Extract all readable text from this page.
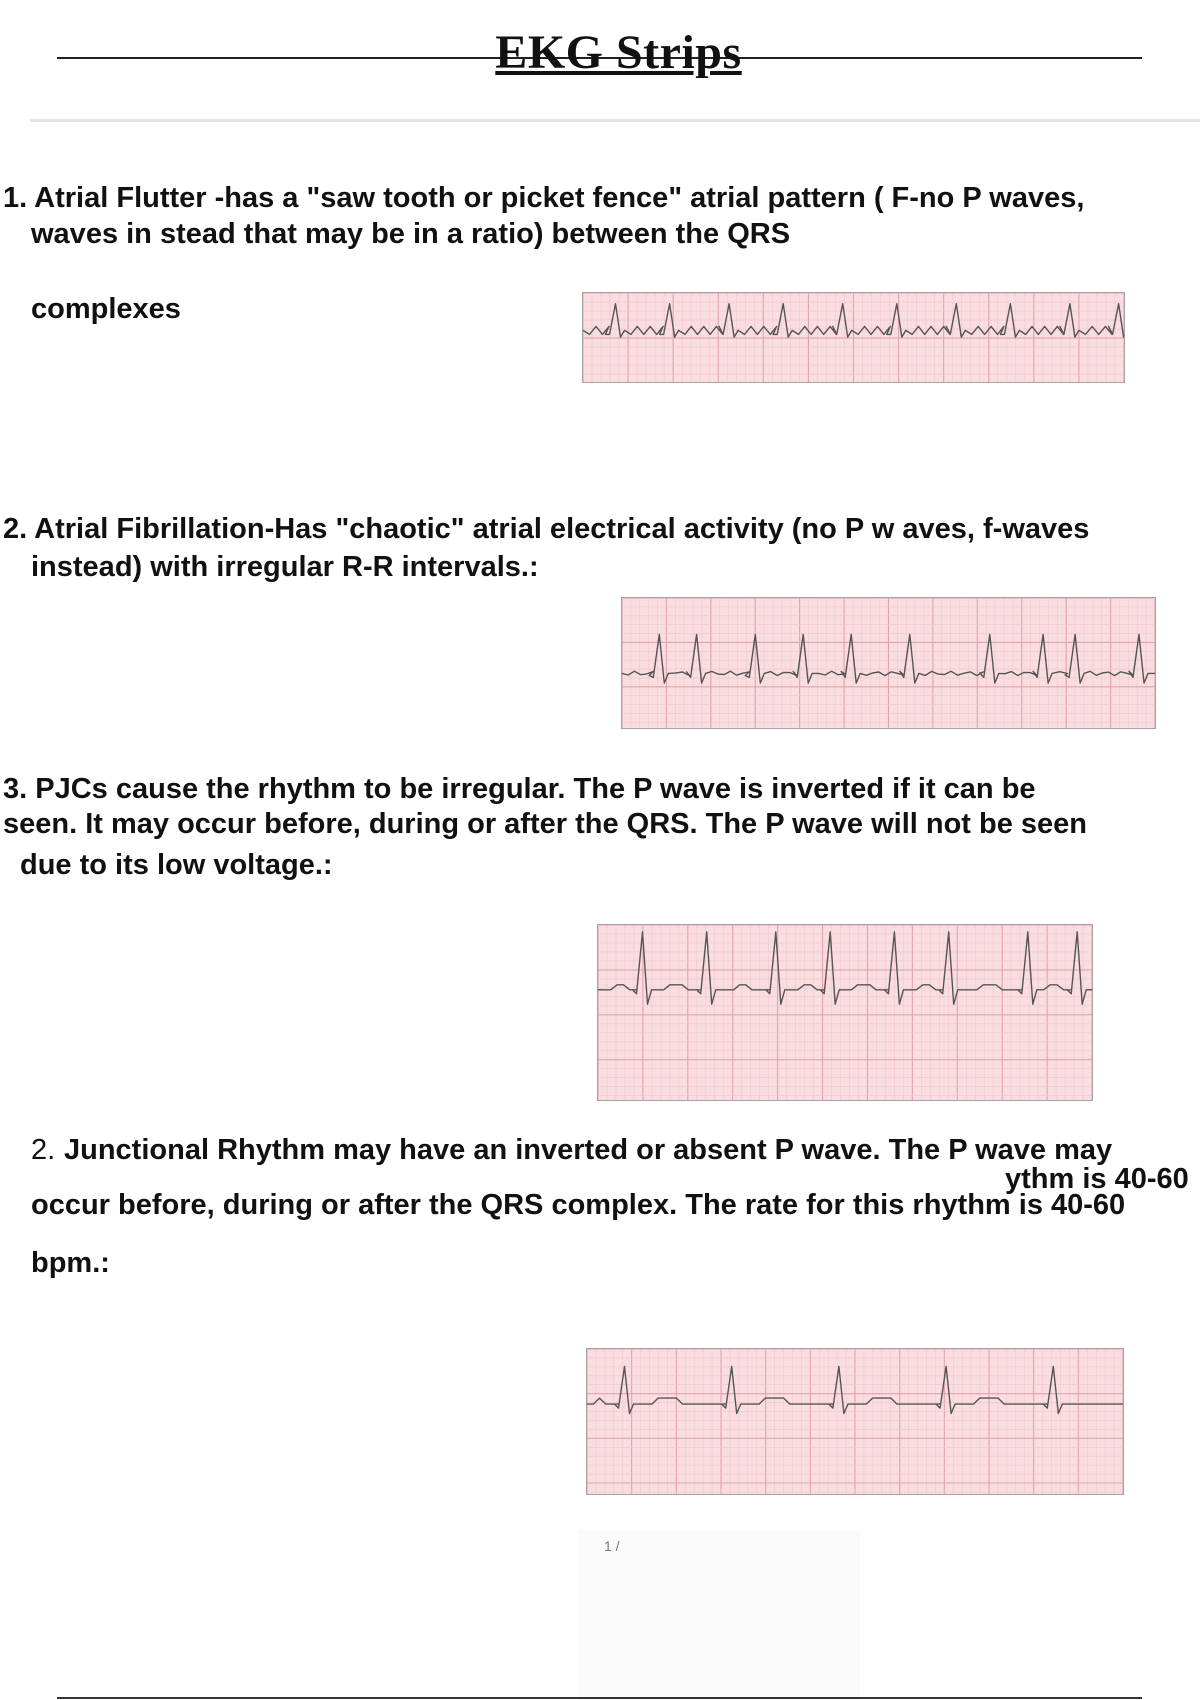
EKG Strips
1. Atrial Flutter -has a "saw tooth or picket fence" atrial pattern ( F-no P waves,
waves in stead that may be in a ratio) between the QRS
complexes
2. Atrial Fibrillation-Has "chaotic" atrial electrical activity (no P w aves, f-waves
instead) with irregular R-R intervals.:
3. PJCs cause the rhythm to be irregular. The P wave is inverted if it can be
seen. It may occur before, during or after the QRS. The P wave will not be seen
due to its low voltage.:
2. Junctional Rhythm may have an inverted or absent P wave. The P wave may
ythm is 40-60
occur before, during or after the QRS complex. The rate for this rhythm is 40-60
bpm.:
1 /
